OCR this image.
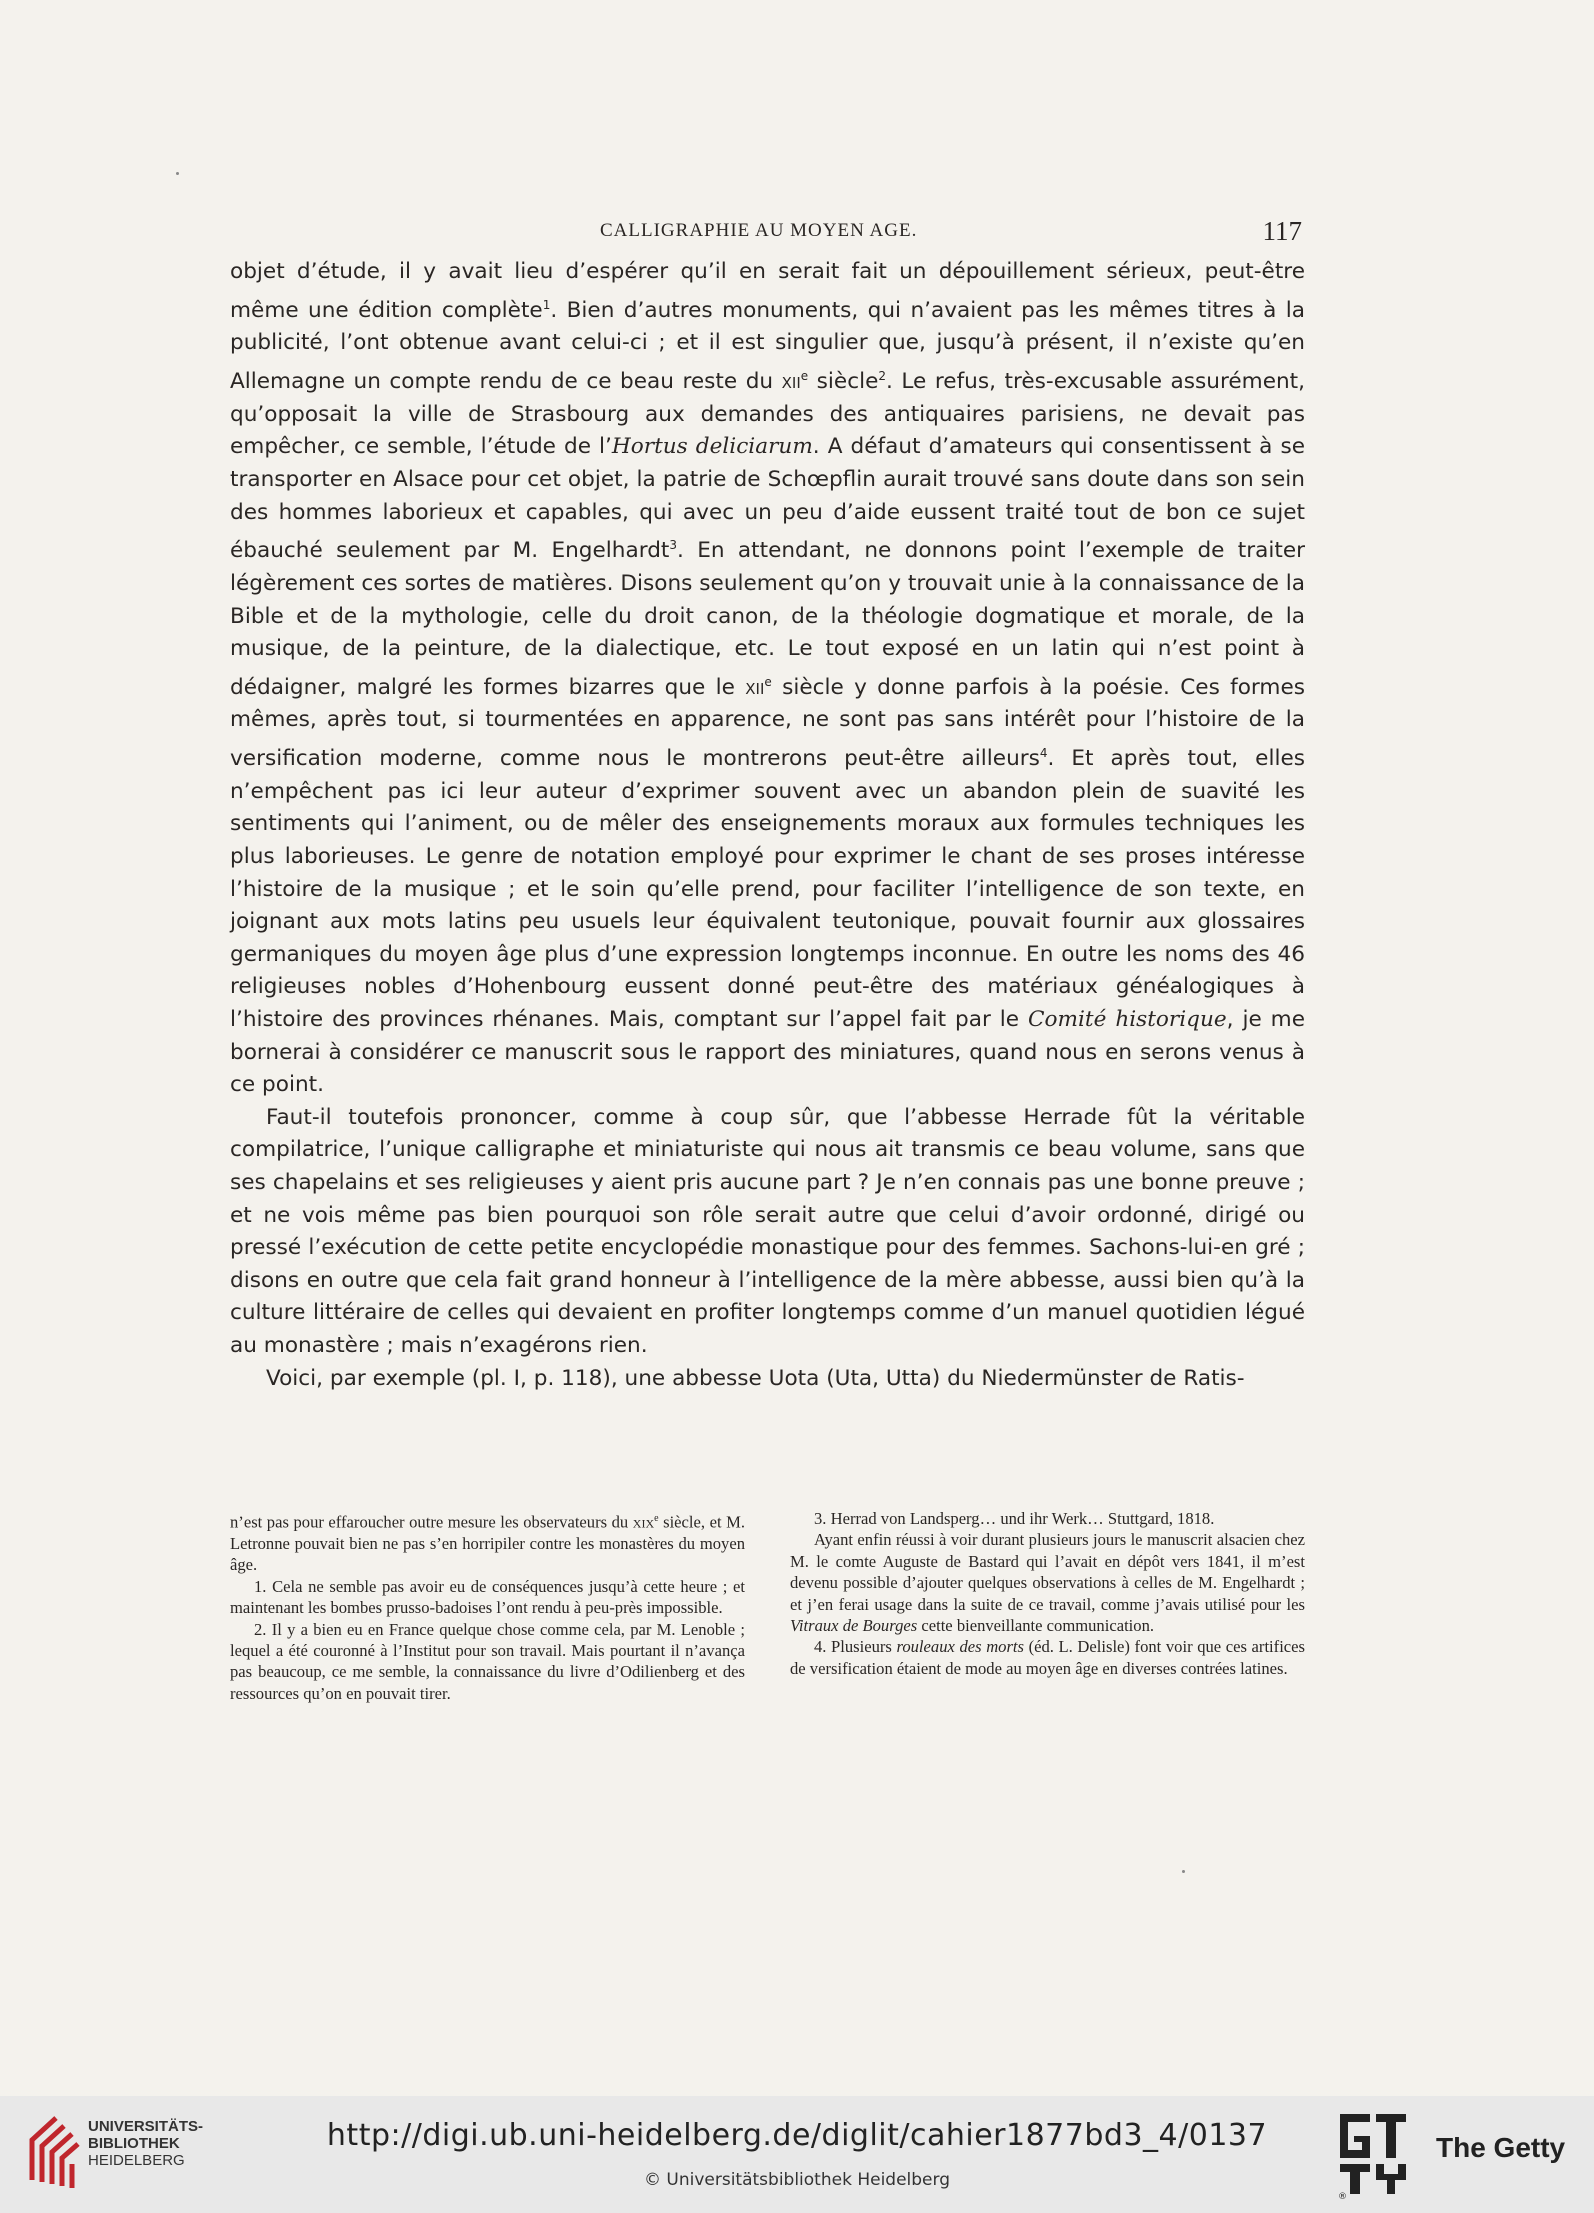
CALLIGRAPHIE AU MOYEN AGE.	117

objet d’étude, il y avait lieu d’espérer qu’il en serait fait un dépouillement sérieux, peut-être même une édition complète$^1$. Bien d’autres monuments, qui n’avaient pas les mêmes titres à la publicité, l’ont obtenue avant celui-ci ; et il est singulier que, jusqu’à présent, il n’existe qu’en Allemagne un compte rendu de ce beau reste du xii$^e$ siècle$^2$. Le refus, très-excusable assurément, qu’opposait la ville de Strasbourg aux demandes des antiquaires parisiens, ne devait pas empêcher, ce semble, l’étude de l’Hortus deliciarum. A défaut d’amateurs qui consentissent à se transporter en Alsace pour cet objet, la patrie de Schœpflin aurait trouvé sans doute dans son sein des hommes laborieux et capables, qui avec un peu d’aide eussent traité tout de bon ce sujet ébauché seulement par M. Engelhardt$^3$. En attendant, ne donnons point l’exemple de traiter légèrement ces sortes de matières. Disons seulement qu’on y trouvait unie à la connaissance de la Bible et de la mythologie, celle du droit canon, de la théologie dogmatique et morale, de la musique, de la peinture, de la dialectique, etc. Le tout exposé en un latin qui n’est point à dédaigner, malgré les formes bizarres que le xii$^e$ siècle y donne parfois à la poésie. Ces formes mêmes, après tout, si tourmentées en apparence, ne sont pas sans intérêt pour l’histoire de la versification moderne, comme nous le montrerons peut-être ailleurs$^4$. Et après tout, elles n’empêchent pas ici leur auteur d’exprimer souvent avec un abandon plein de suavité les sentiments qui l’animent, ou de mêler des enseignements moraux aux formules techniques les plus laborieuses. Le genre de notation employé pour exprimer le chant de ses proses intéresse l’histoire de la musique ; et le soin qu’elle prend, pour faciliter l’intelligence de son texte, en joignant aux mots latins peu usuels leur équivalent teutonique, pouvait fournir aux glossaires germaniques du moyen âge plus d’une expression longtemps inconnue. En outre les noms des 46 religieuses nobles d’Hohenbourg eussent donné peut-être des matériaux généalogiques à l’histoire des provinces rhénanes. Mais, comptant sur l’appel fait par le Comité historique, je me bornerai à considérer ce manuscrit sous le rapport des miniatures, quand nous en serons venus à ce point.

Faut-il toutefois prononcer, comme à coup sûr, que l’abbesse Herrade fût la véritable compilatrice, l’unique calligraphe et miniaturiste qui nous ait transmis ce beau volume, sans que ses chapelains et ses religieuses y aient pris aucune part ? Je n’en connais pas une bonne preuve ; et ne vois même pas bien pourquoi son rôle serait autre que celui d’avoir ordonné, dirigé ou pressé l’exécution de cette petite encyclopédie monastique pour des femmes. Sachons-lui-en gré ; disons en outre que cela fait grand honneur à l’intelligence de la mère abbesse, aussi bien qu’à la culture littéraire de celles qui devaient en profiter longtemps comme d’un manuel quotidien légué au monastère ; mais n’exagérons rien.

Voici, par exemple (pl. I, p. 118), une abbesse Uota (Uta, Utta) du Niedermünster de Ratis-

n’est pas pour effaroucher outre mesure les observateurs du xix$^e$ siècle, et M. Letronne pouvait bien ne pas s’en horripiler contre les monastères du moyen âge.

1. Cela ne semble pas avoir eu de conséquences jusqu’à cette heure ; et maintenant les bombes prusso-badoises l’ont rendu à peu-près impossible.

2. Il y a bien eu en France quelque chose comme cela, par M. Lenoble ; lequel a été couronné à l’Institut pour son travail. Mais pourtant il n’avança pas beaucoup, ce me semble, la connaissance du livre d’Odilienberg et des ressources qu’on en pouvait tirer.

3. Herrad von Landsperg… und ihr Werk… Stuttgard, 1818.

Ayant enfin réussi à voir durant plusieurs jours le manuscrit alsacien chez M. le comte Auguste de Bastard qui l’avait en dépôt vers 1841, il m’est devenu possible d’ajouter quelques observations à celles de M. Engelhardt ; et j’en ferai usage dans la suite de ce travail, comme j’avais utilisé pour les Vitraux de Bourges cette bienveillante communication.

4. Plusieurs rouleaux des morts (éd. L. Delisle) font voir que ces artifices de versification étaient de mode au moyen âge en diverses contrées latines.

UNIVERSITÄTS-
BIBLIOTHEK
HEIDELBERG
http://digi.ub.uni-heidelberg.de/diglit/cahier1877bd3_4/0137
© Universitätsbibliothek Heidelberg
®
The Getty
